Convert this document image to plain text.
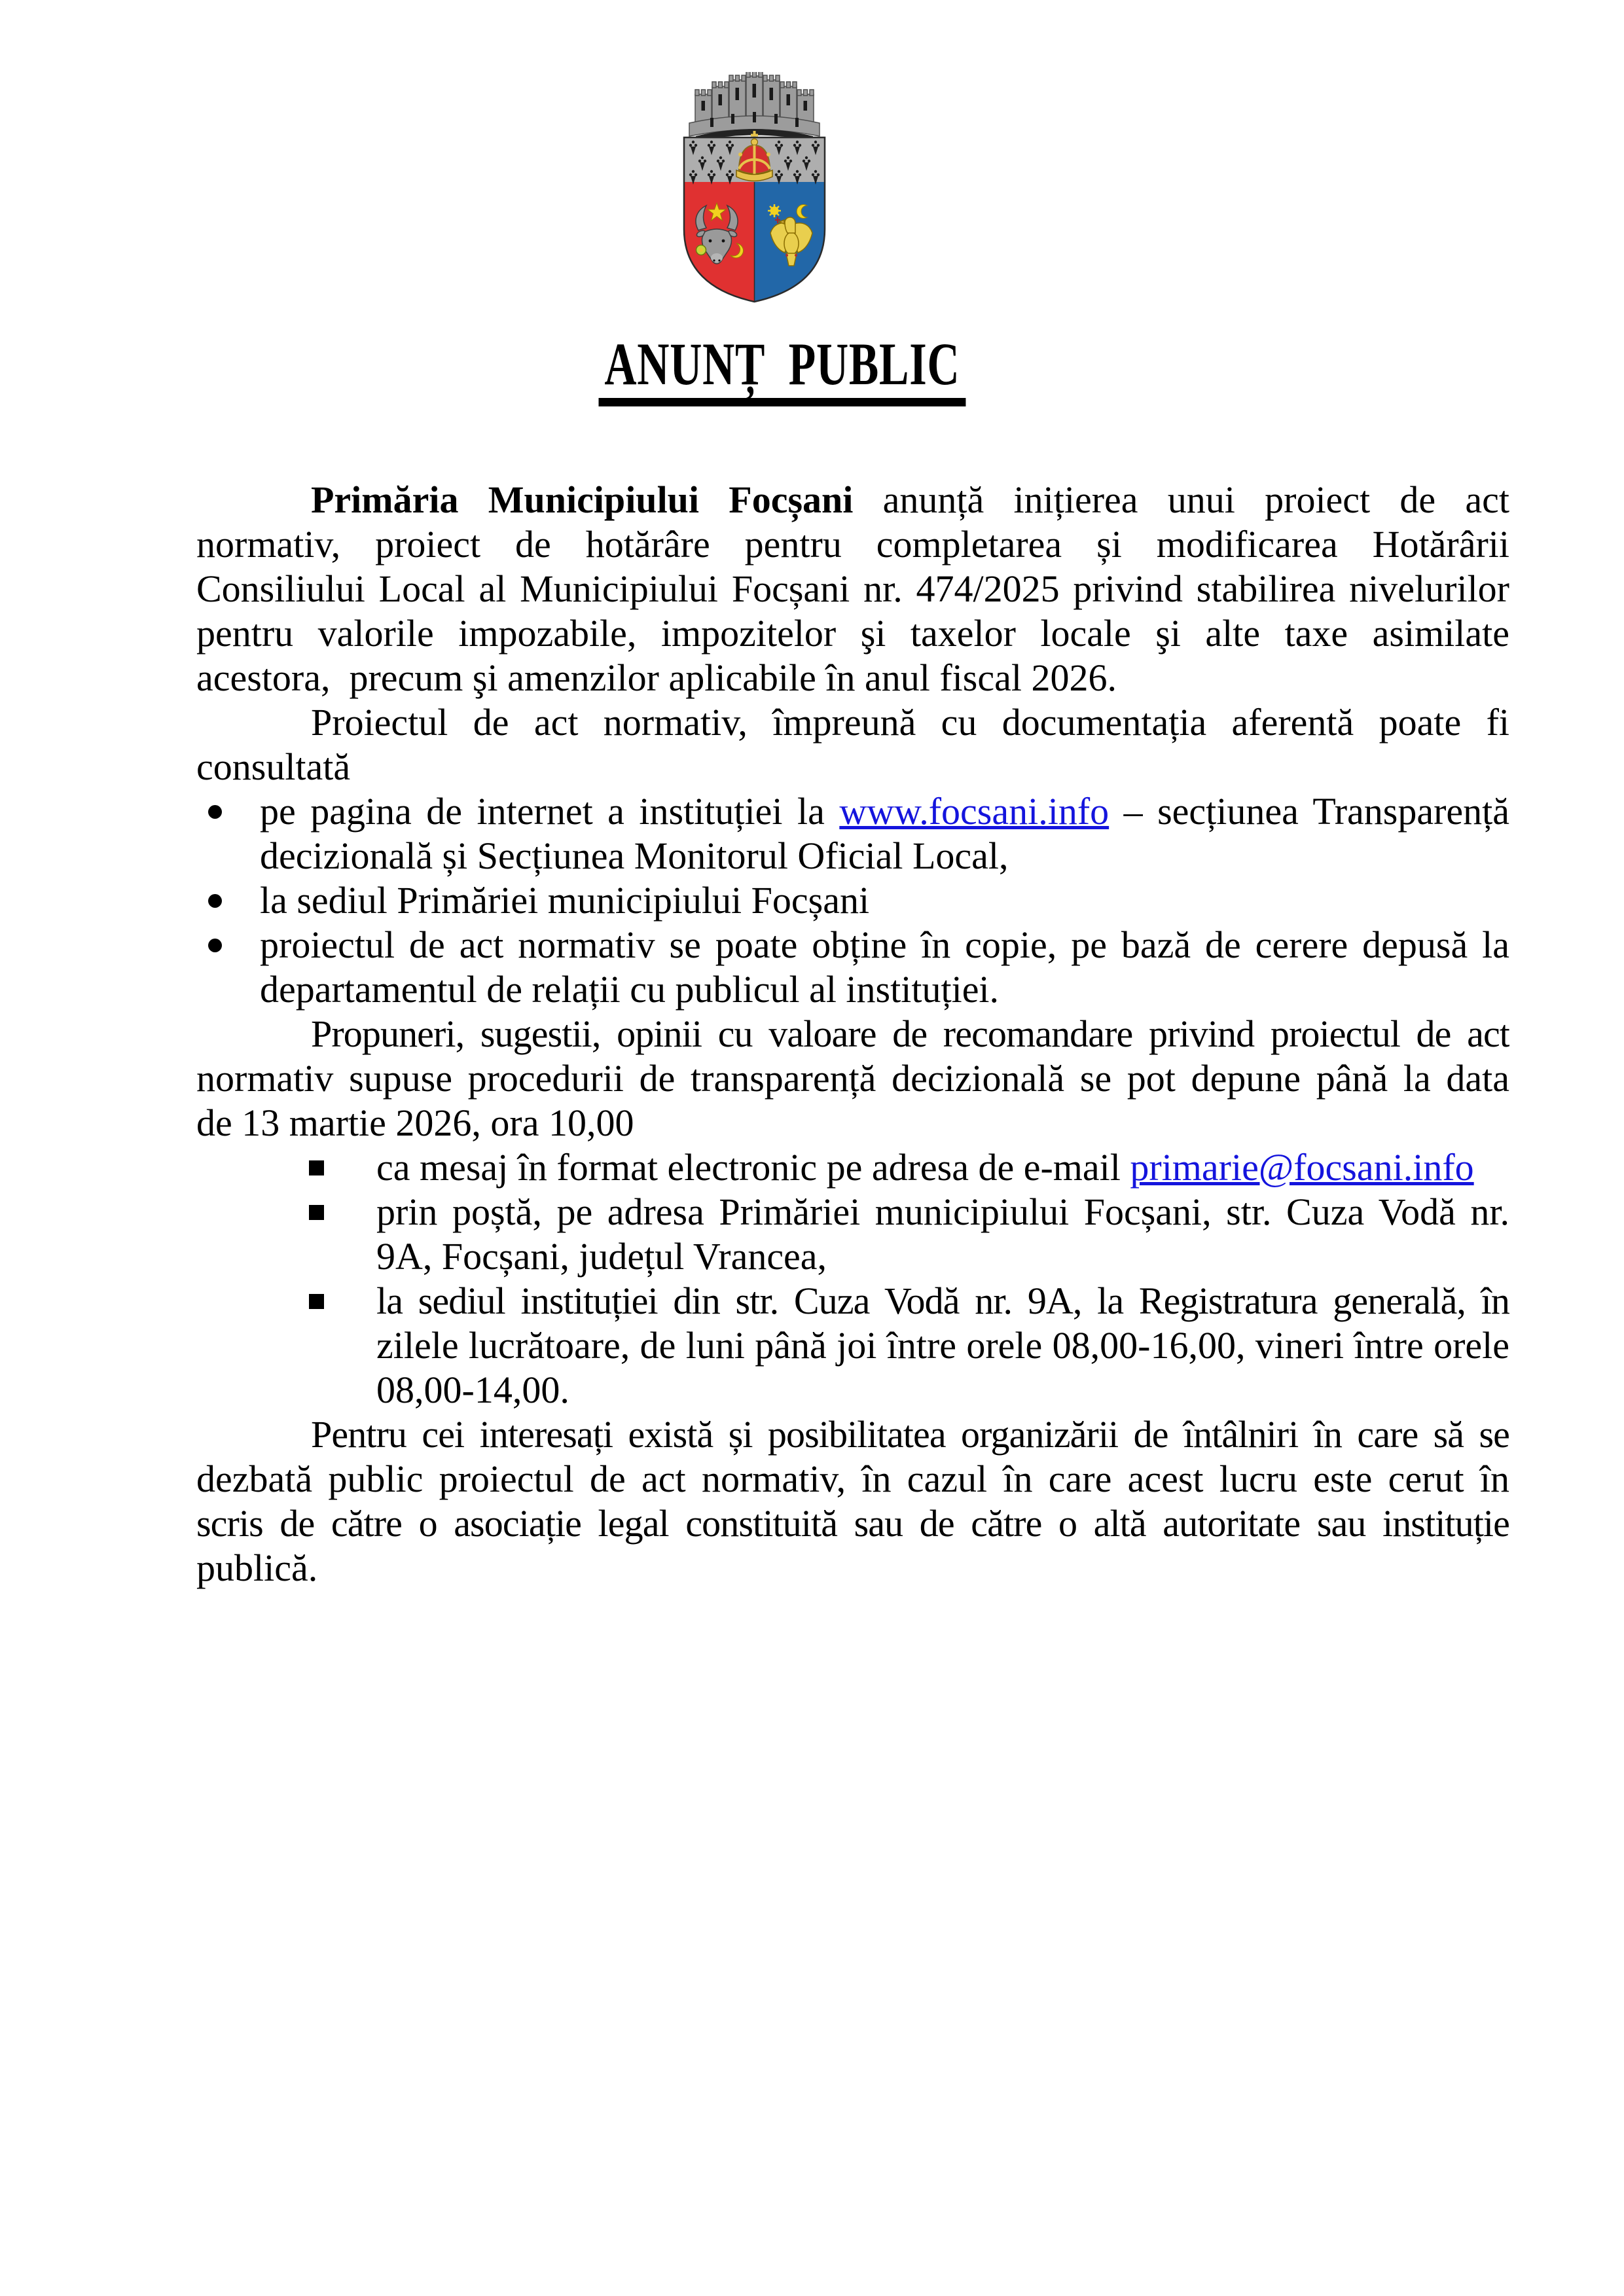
ANUNȚ  PUBLIC
Primăria Municipiului Focșani anunță inițierea unui proiect de act
normativ, proiect de hotărâre pentru completarea și modificarea Hotărârii
Consiliului Local al Municipiului Focșani nr. 474/2025 privind stabilirea nivelurilor
pentru valorile impozabile, impozitelor şi taxelor locale şi alte taxe asimilate
acestora,  precum şi amenzilor aplicabile în anul fiscal 2026.
Proiectul de act normativ, împreună cu documentația aferentă poate fi
consultată
pe pagina de internet a instituției la www.focsani.info – secțiunea Transparență
decizională și Secțiunea Monitorul Oficial Local,
la sediul Primăriei municipiului Focșani
proiectul de act normativ se poate obține în copie, pe bază de cerere depusă la
departamentul de relații cu publicul al instituției.
Propuneri, sugestii, opinii cu valoare de recomandare privind proiectul de act
normativ supuse procedurii de transparență decizională se pot depune până la data
de 13 martie 2026, ora 10,00
ca mesaj în format electronic pe adresa de e-mail primarie@focsani.info
prin poștă, pe adresa Primăriei municipiului Focșani, str. Cuza Vodă nr.
9A, Focșani, județul Vrancea,
la sediul instituției din str. Cuza Vodă nr. 9A, la Registratura generală, în
zilele lucrătoare, de luni până joi între orele 08,00-16,00, vineri între orele
08,00-14,00.
Pentru cei interesați există și posibilitatea organizării de întâlniri în care să se
dezbată public proiectul de act normativ, în cazul în care acest lucru este cerut în
scris de către o asociație legal constituită sau de către o altă autoritate sau instituție
publică.
